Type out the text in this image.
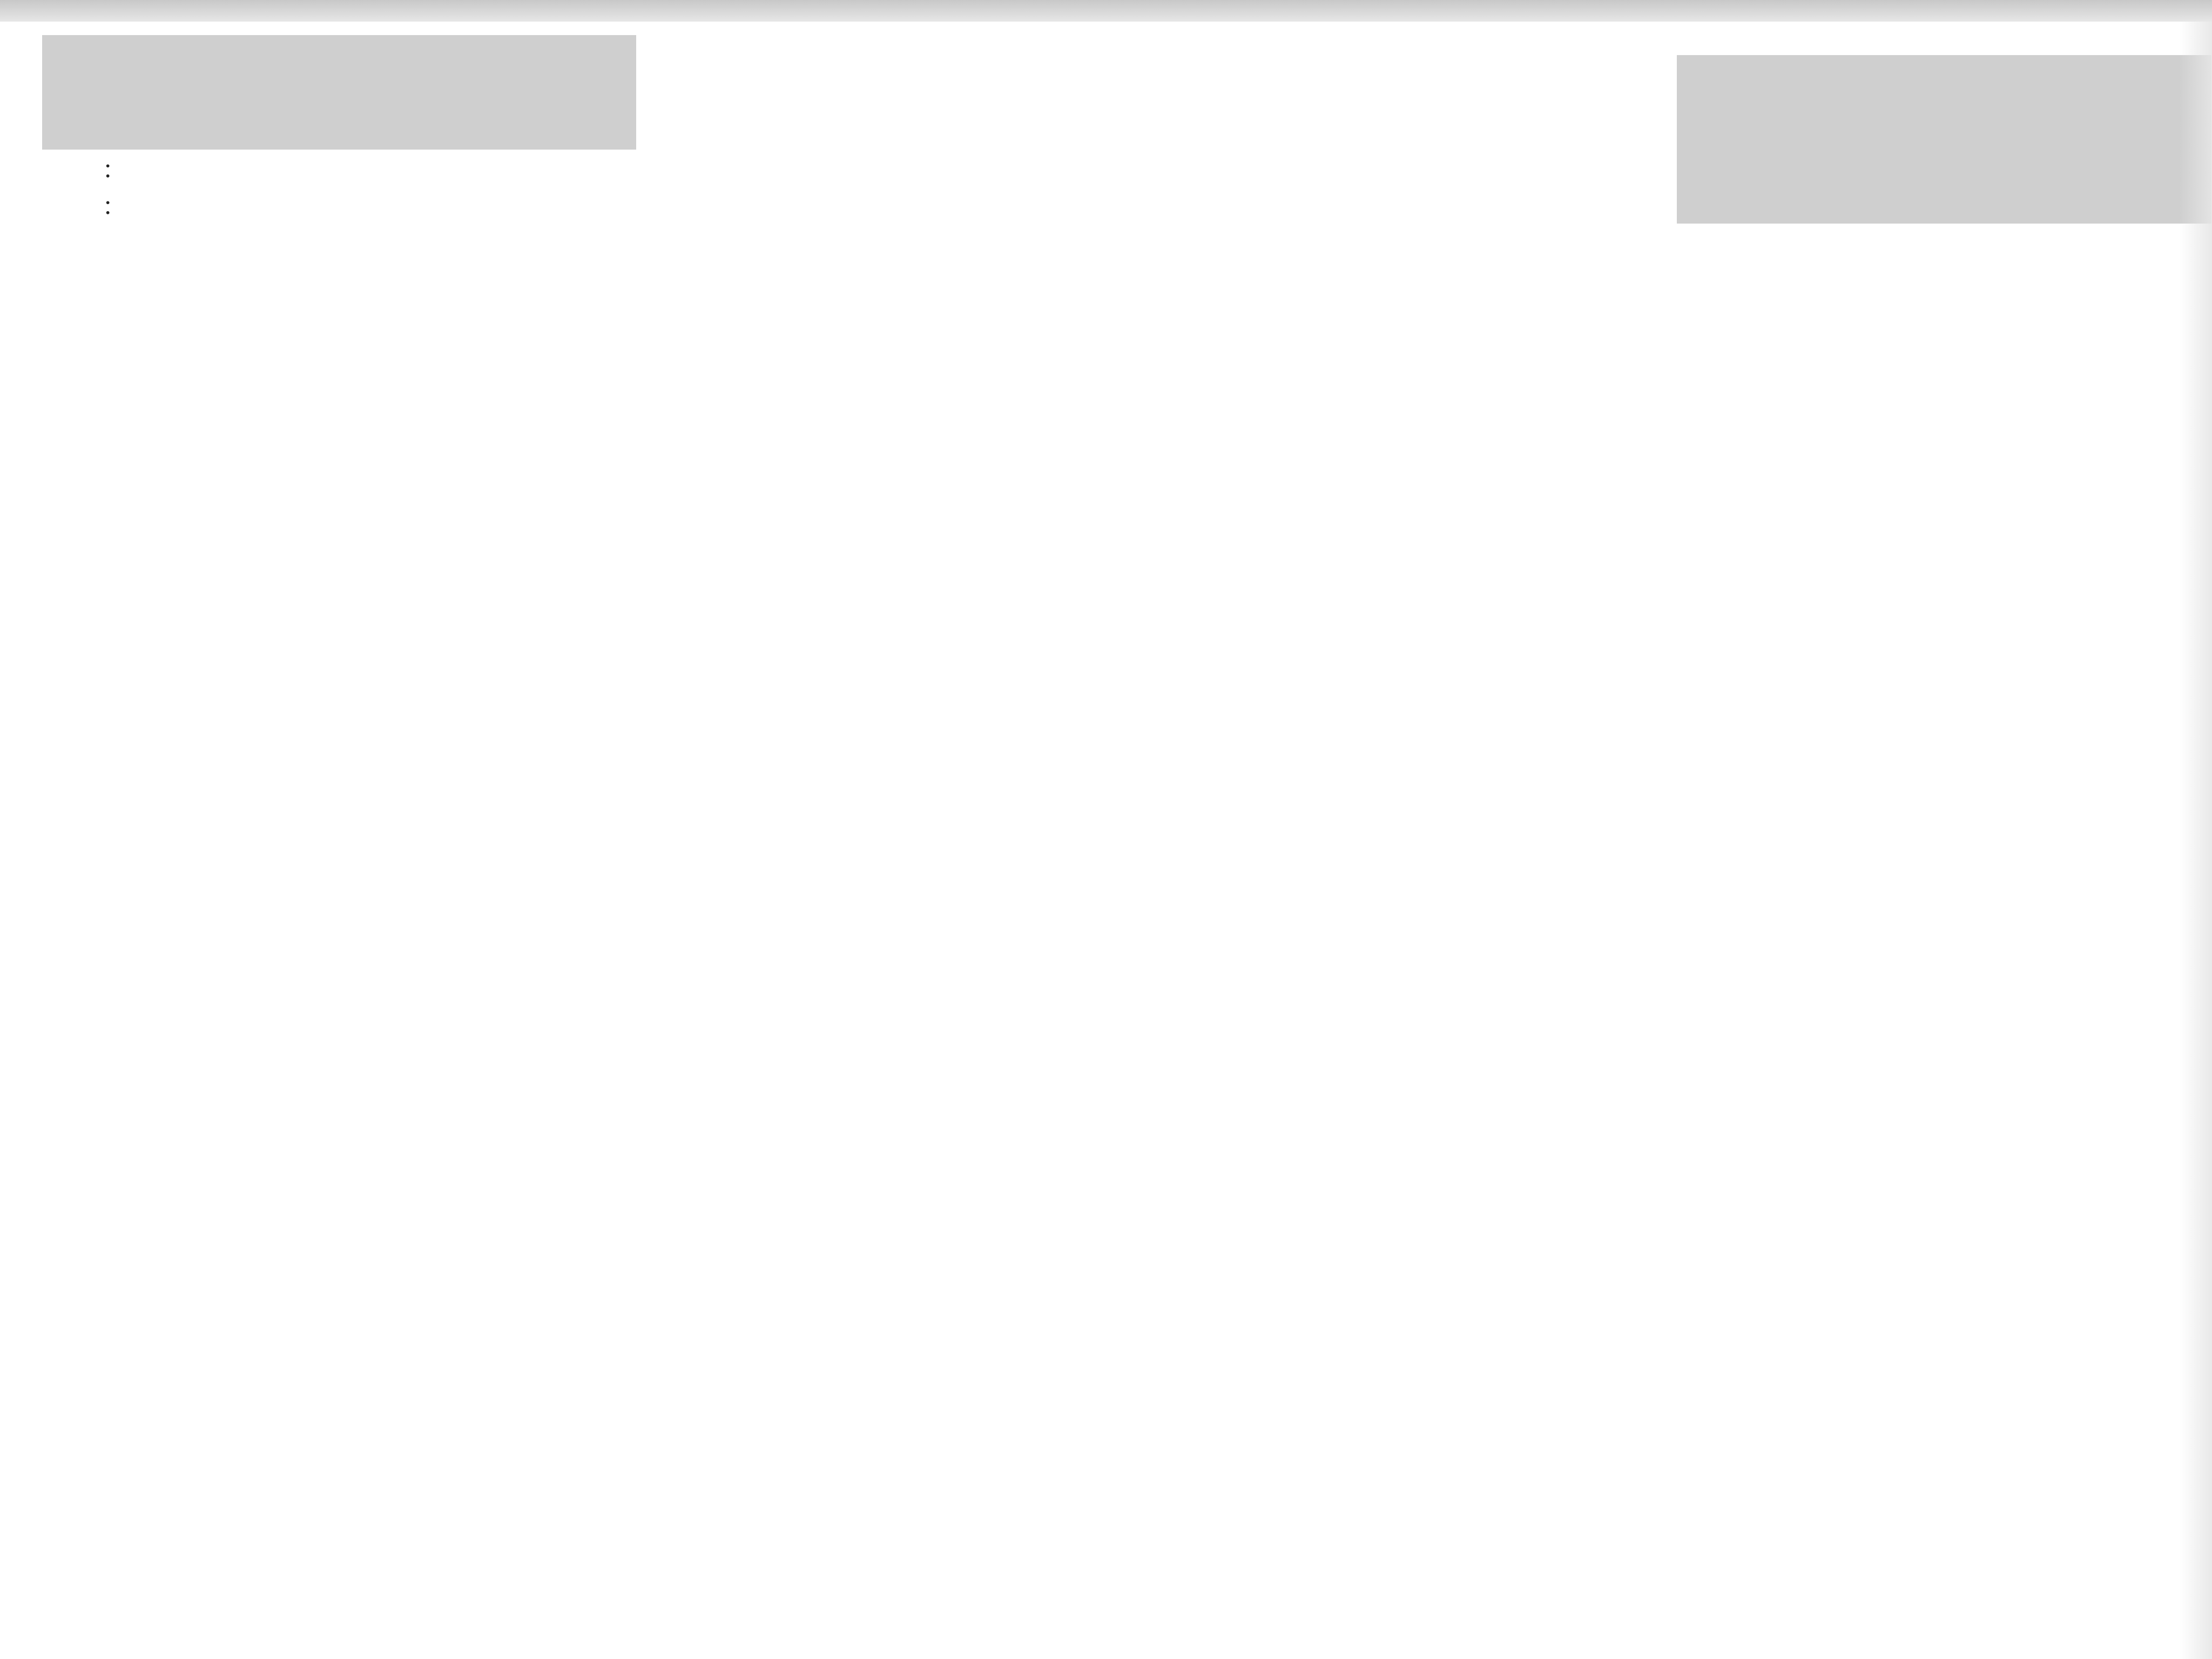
　：　
　：　
